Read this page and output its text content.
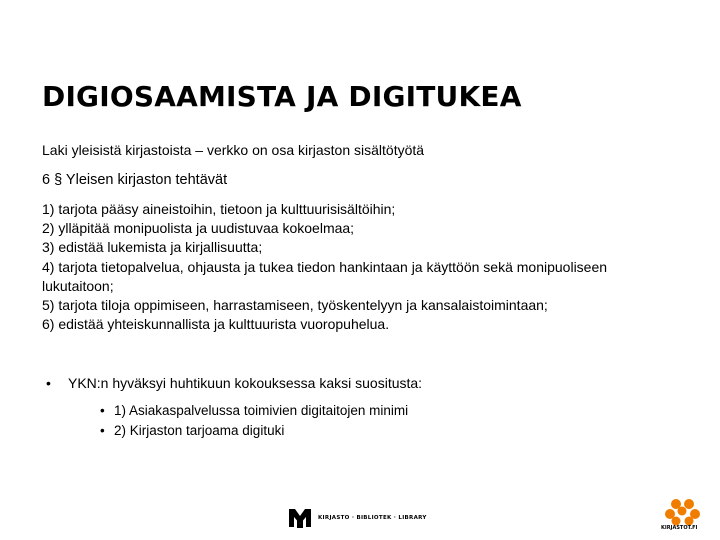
DIGIOSAAMISTA JA DIGITUKEA

Laki yleisistä kirjastoista – verkko on osa kirjaston sisältötyötä

6 § Yleisen kirjaston tehtävät

1) tarjota pääsy aineistoihin, tietoon ja kulttuurisisältöihin;
2) ylläpitää monipuolista ja uudistuvaa kokoelmaa;
3) edistää lukemista ja kirjallisuutta;
4) tarjota tietopalvelua, ohjausta ja tukea tiedon hankintaan ja käyttöön sekä monipuoliseen lukutaitoon;
5) tarjota tiloja oppimiseen, harrastamiseen, työskentelyyn ja kansalaistoimintaan;
6) edistää yhteiskunnallista ja kulttuurista vuoropuhelua.
• YKN:n hyväksyi huhtikuun kokouksessa kaksi suositusta:
• 1) Asiakaspalvelussa toimivien digitaitojen minimi
• 2) Kirjaston tarjoama digituki
KIRJASTO · BIBLIOTEK · LIBRARY
KIRJASTOT.FI
